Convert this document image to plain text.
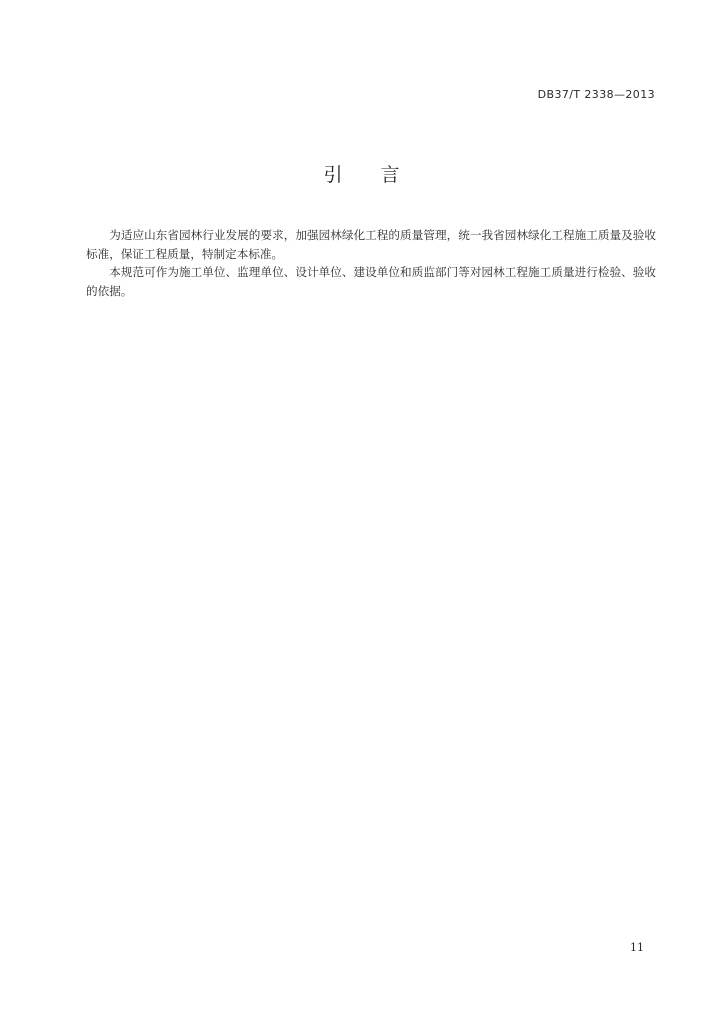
DB37/T 2338—2013
引 言

为适应山东省园林行业发展的要求，加强园林绿化工程的质量管理，统一我省园林绿化工程施工质量及验收标准，保证工程质量，特制定本标准。

本规范可作为施工单位、监理单位、设计单位、建设单位和质监部门等对园林工程施工质量进行检验、验收的依据。

11
